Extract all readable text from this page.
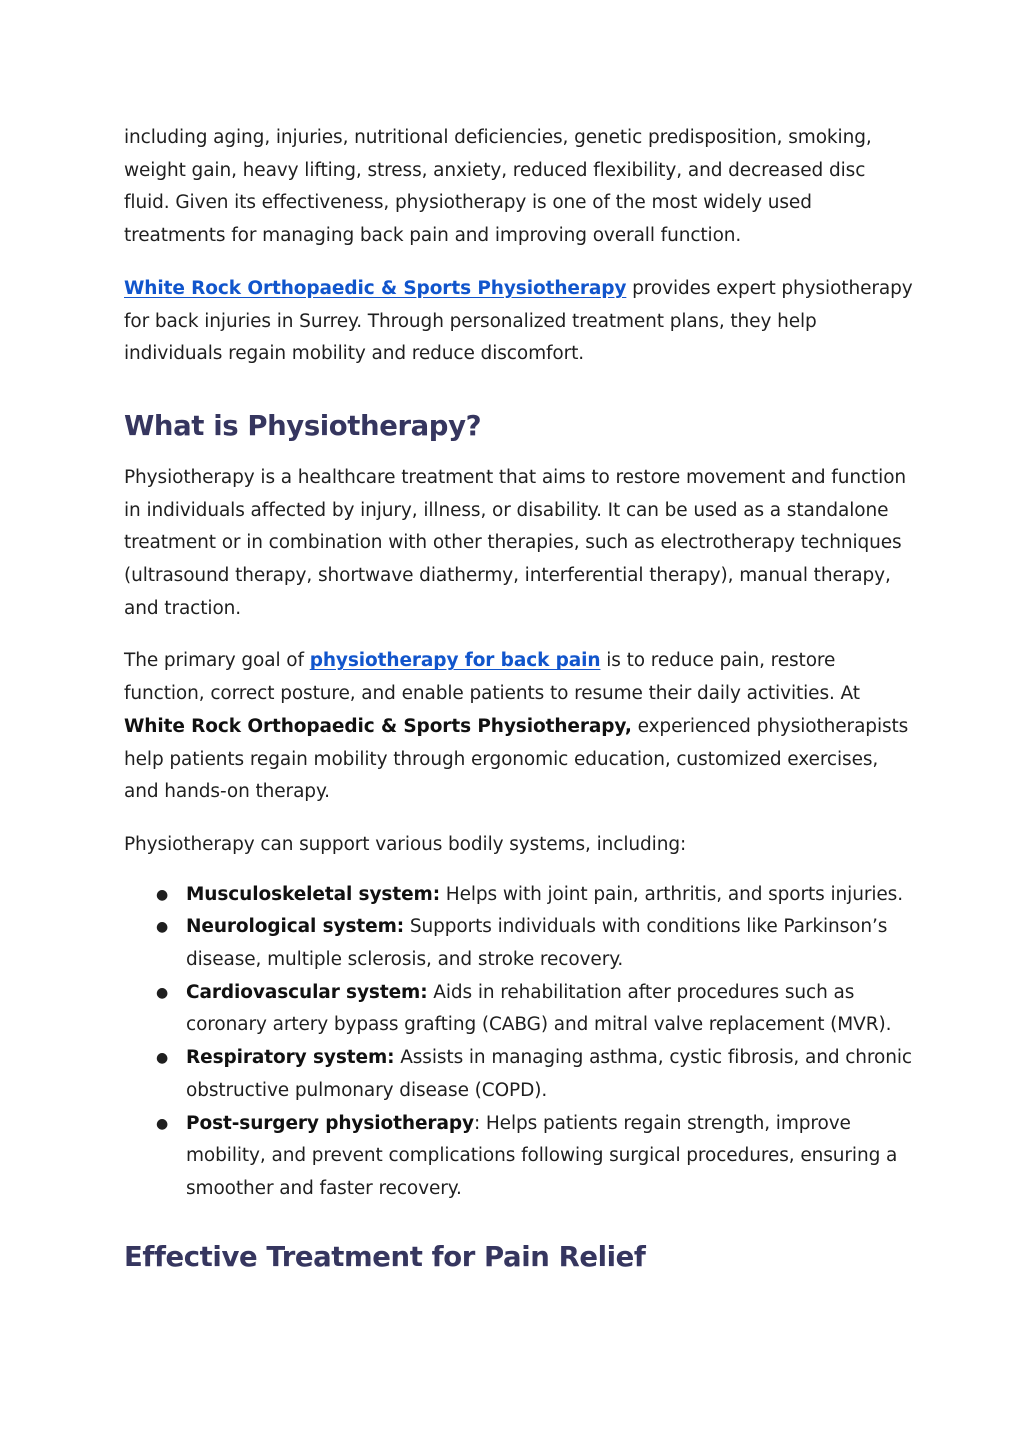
including aging, injuries, nutritional deficiencies, genetic predisposition, smoking, weight gain, heavy lifting, stress, anxiety, reduced flexibility, and decreased disc fluid. Given its effectiveness, physiotherapy is one of the most widely used treatments for managing back pain and improving overall function.

White Rock Orthopaedic & Sports Physiotherapy provides expert physiotherapy for back injuries in Surrey. Through personalized treatment plans, they help individuals regain mobility and reduce discomfort.

What is Physiotherapy?

Physiotherapy is a healthcare treatment that aims to restore movement and function in individuals affected by injury, illness, or disability. It can be used as a standalone treatment or in combination with other therapies, such as electrotherapy techniques (ultrasound therapy, shortwave diathermy, interferential therapy), manual therapy, and traction.

The primary goal of physiotherapy for back pain is to reduce pain, restore function, correct posture, and enable patients to resume their daily activities. At White Rock Orthopaedic & Sports Physiotherapy, experienced physiotherapists help patients regain mobility through ergonomic education, customized exercises, and hands-on therapy.

Physiotherapy can support various bodily systems, including:

● Musculoskeletal system: Helps with joint pain, arthritis, and sports injuries.
● Neurological system: Supports individuals with conditions like Parkinson’s disease, multiple sclerosis, and stroke recovery.
● Cardiovascular system: Aids in rehabilitation after procedures such as coronary artery bypass grafting (CABG) and mitral valve replacement (MVR).
● Respiratory system: Assists in managing asthma, cystic fibrosis, and chronic obstructive pulmonary disease (COPD).
● Post-surgery physiotherapy: Helps patients regain strength, improve mobility, and prevent complications following surgical procedures, ensuring a smoother and faster recovery.
Effective Treatment for Pain Relief
